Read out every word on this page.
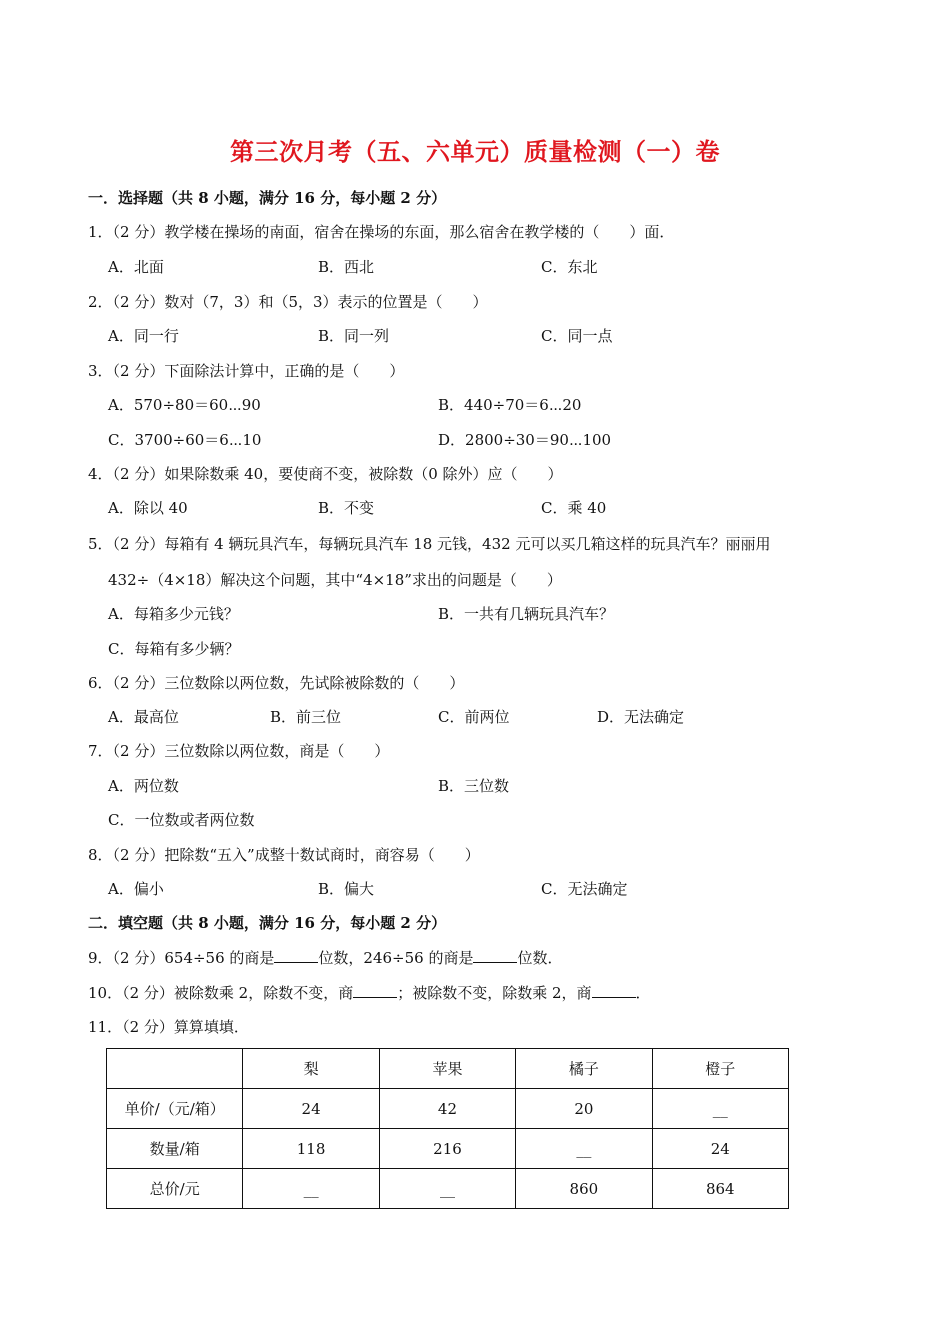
第三次月考（五、六单元）质量检测（一）卷
一．选择题（共 8 小题，满分 16 分，每小题 2 分）
1．（2 分）教学楼在操场的南面，宿舍在操场的东面，那么宿舍在教学楼的（　　）面．
A．北面	B．西北	C．东北
2．（2 分）数对（7，3）和（5，3）表示的位置是（　　）
A．同一行	B．同一列	C．同一点
3．（2 分）下面除法计算中，正确的是（　　）
A．570÷80＝60⋯90	B．440÷70＝6⋯20
C．3700÷60＝6⋯10	D．2800÷30＝90⋯100
4．（2 分）如果除数乘 40，要使商不变，被除数（0 除外）应（　　）
A．除以 40	B．不变	C．乘 40
5．（2 分）每箱有 4 辆玩具汽车，每辆玩具汽车 18 元钱，432 元可以买几箱这样的玩具汽车？丽丽用
432÷（4×18）解决这个问题，其中“4×18”求出的问题是（　　）
A．每箱多少元钱？	B．一共有几辆玩具汽车？
C．每箱有多少辆？
6．（2 分）三位数除以两位数，先试除被除数的（　　）
A．最高位	B．前三位	C．前两位	D．无法确定
7．（2 分）三位数除以两位数，商是（　　）
A．两位数	B．三位数
C．一位数或者两位数
8．（2 分）把除数“五入”成整十数试商时，商容易（　　）
A．偏小	B．偏大	C．无法确定
二．填空题（共 8 小题，满分 16 分，每小题 2 分）
9．（2 分）654÷56 的商是	位数，246÷56 的商是	位数．
10．（2 分）被除数乘 2，除数不变，商	；被除数不变，除数乘 2，商	．
11．（2 分）算算填填．
	梨	苹果	橘子	橙子
单价/（元/箱）	24	42	20	__
数量/箱	118	216	__	24
总价/元	__	__	860	864
